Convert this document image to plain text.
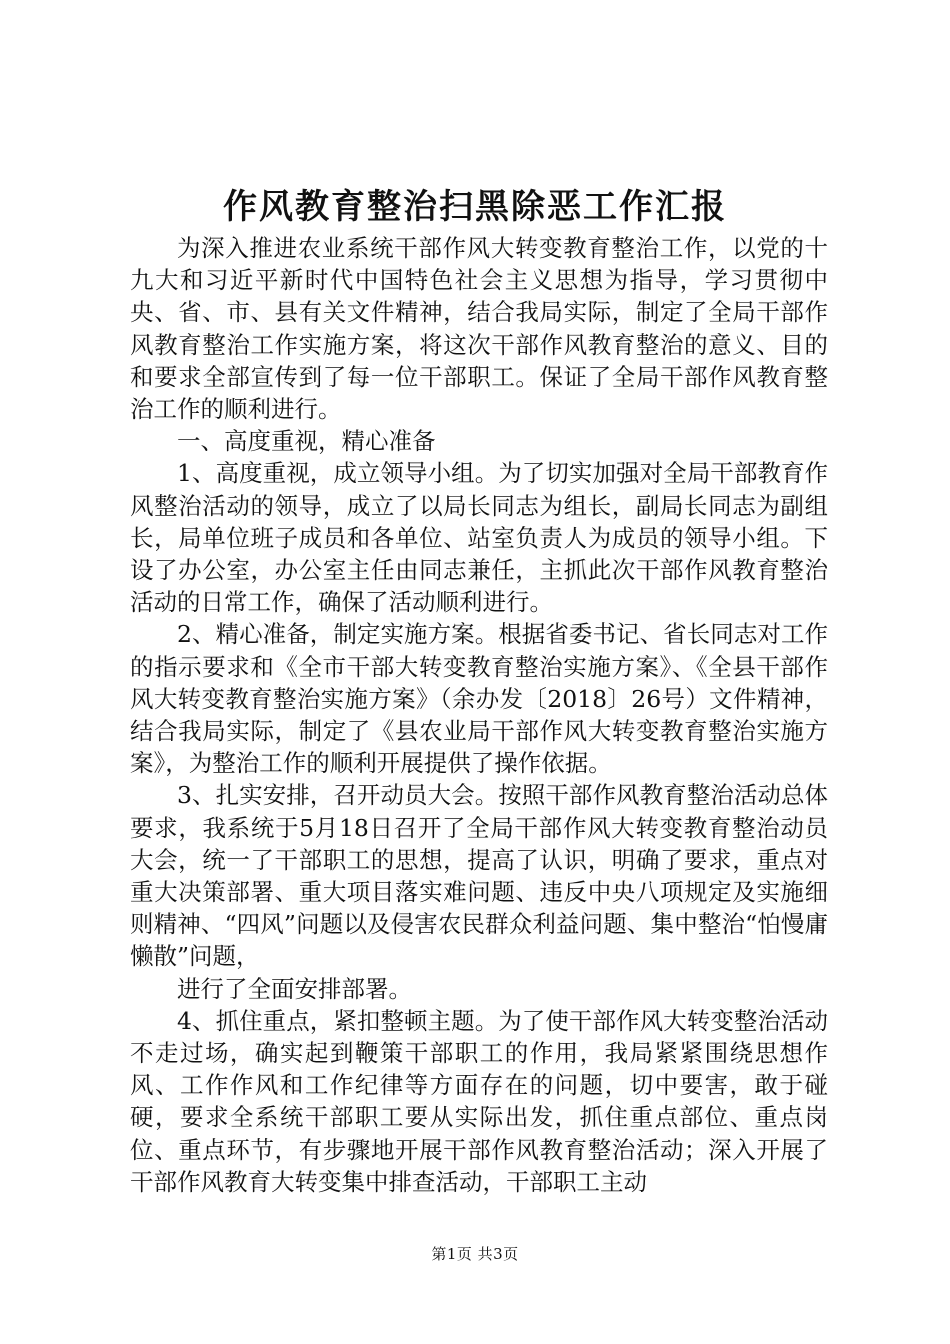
作风教育整治扫黑除恶工作汇报

为深入推进农业系统干部作风大转变教育整治工作，以党的十九大和习近平新时代中国特色社会主义思想为指导，学习贯彻中央、省、市、县有关文件精神，结合我局实际，制定了全局干部作风教育整治工作实施方案，将这次干部作风教育整治的意义、目的和要求全部宣传到了每一位干部职工。保证了全局干部作风教育整治工作的顺利进行。

一、高度重视，精心准备

1、高度重视，成立领导小组。为了切实加强对全局干部教育作风整治活动的领导，成立了以局长同志为组长，副局长同志为副组长，局单位班子成员和各单位、站室负责人为成员的领导小组。下设了办公室，办公室主任由同志兼任，主抓此次干部作风教育整治活动的日常工作，确保了活动顺利进行。

2、精心准备，制定实施方案。根据省委书记、省长同志对工作的指示要求和《全市干部大转变教育整治实施方案》、《全县干部作风大转变教育整治实施方案》（余办发〔2018〕26号）文件精神，结合我局实际，制定了《县农业局干部作风大转变教育整治实施方案》，为整治工作的顺利开展提供了操作依据。

3、扎实安排，召开动员大会。按照干部作风教育整治活动总体要求，我系统于5月18日召开了全局干部作风大转变教育整治动员大会，统一了干部职工的思想，提高了认识，明确了要求，重点对重大决策部署、重大项目落实难问题、违反中央八项规定及实施细则精神、“四风”问题以及侵害农民群众利益问题、集中整治“怕慢庸懒散”问题，

进行了全面安排部署。

4、抓住重点，紧扣整顿主题。为了使干部作风大转变整治活动不走过场，确实起到鞭策干部职工的作用，我局紧紧围绕思想作风、工作作风和工作纪律等方面存在的问题，切中要害，敢于碰硬，要求全系统干部职工要从实际出发，抓住重点部位、重点岗位、重点环节，有步骤地开展干部作风教育整治活动；深入开展了干部作风教育大转变集中排查活动，干部职工主动

第1页 共3页
